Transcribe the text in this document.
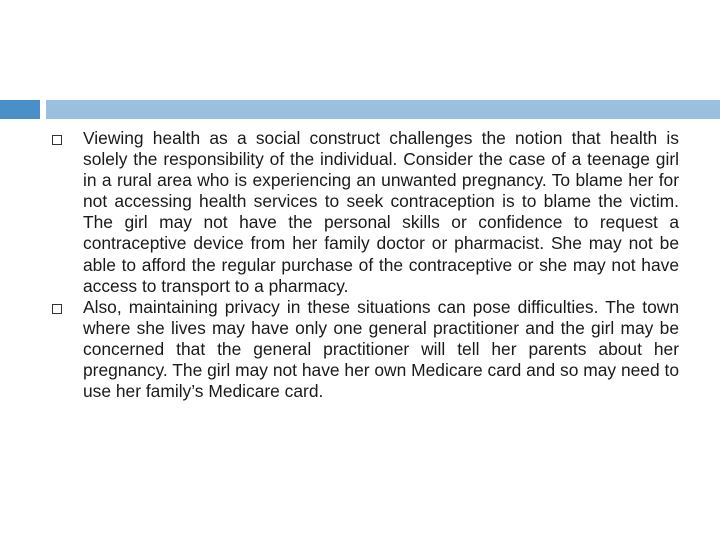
Viewing health as a social construct challenges the notion that health is solely the responsibility of the individual. Consider the case of a teenage girl in a rural area who is experiencing an unwanted pregnancy. To blame her for not accessing health services to seek contraception is to blame the victim. The girl may not have the personal skills or confidence to request a contraceptive device from her family doctor or pharmacist. She may not be able to afford the regular purchase of the contraceptive or she may not have access to transport to a pharmacy.
Also, maintaining privacy in these situations can pose difficulties. The town where she lives may have only one general practitioner and the girl may be concerned that the general practitioner will tell her parents about her pregnancy. The girl may not have her own Medicare card and so may need to use her family’s Medicare card.
